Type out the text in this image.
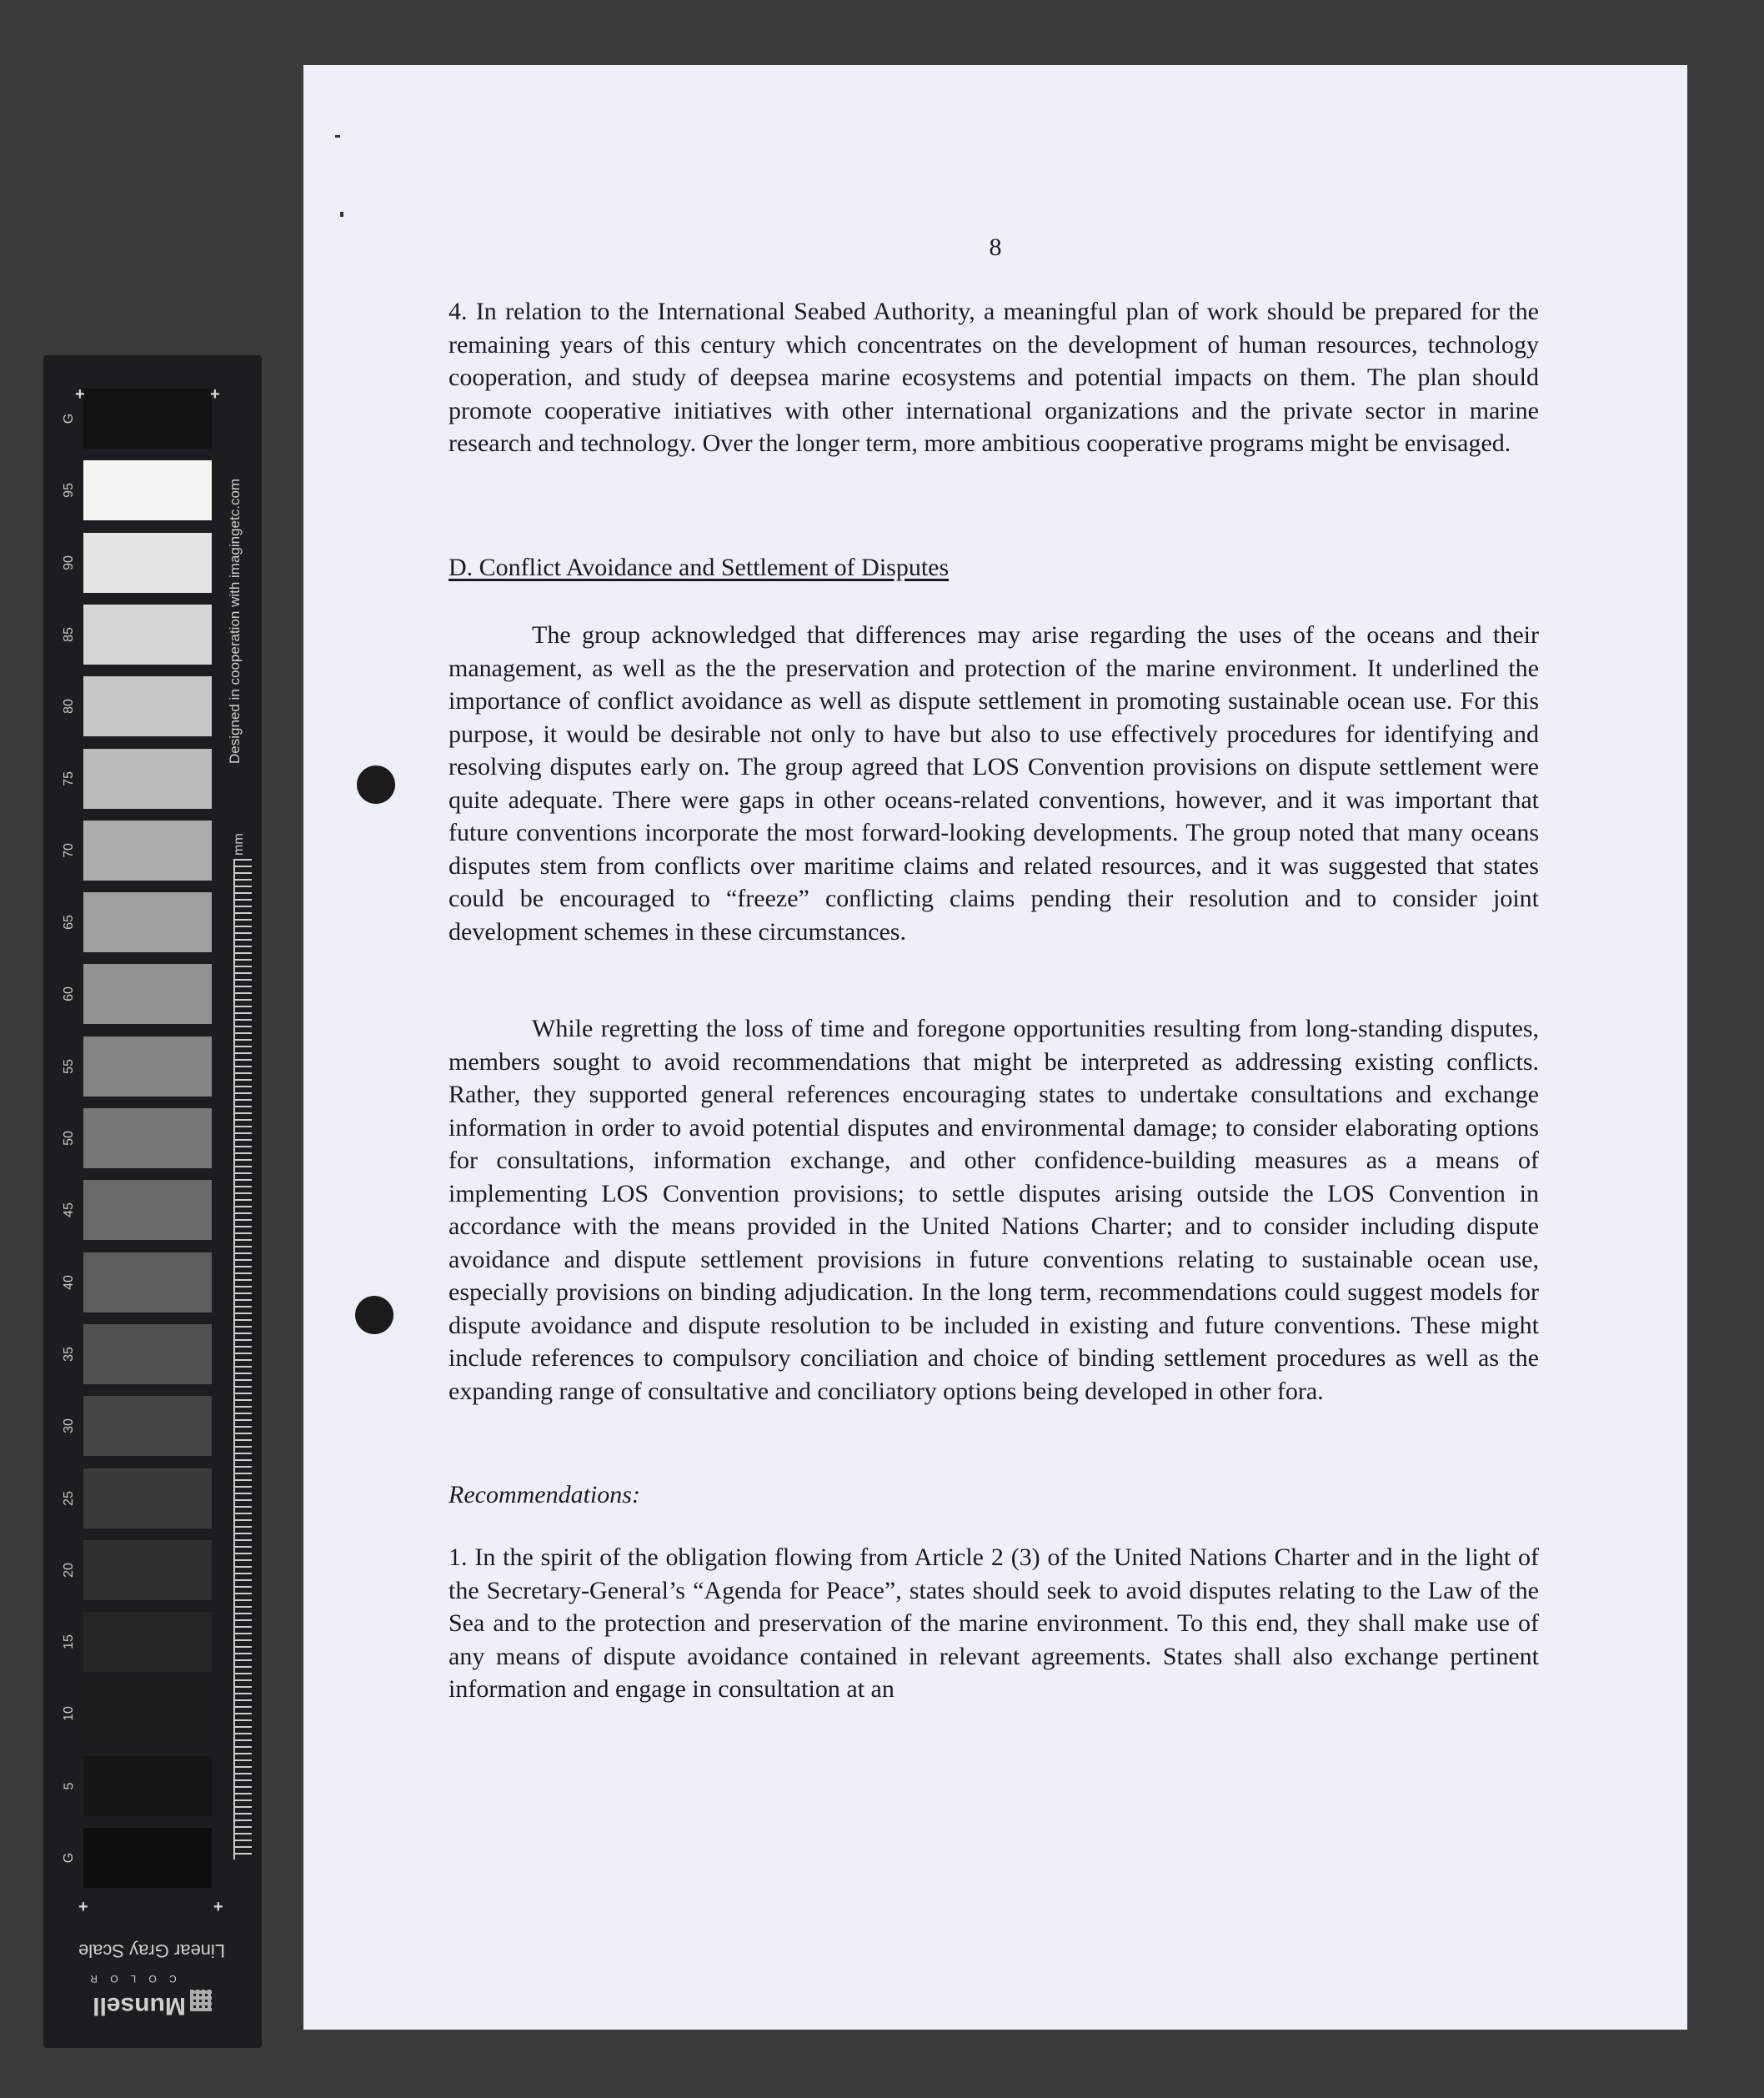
G
95
90
85
80
75
70
65
60
55
50
45
40
35
30
25
20
15
10
5
G
+	+
+	+
Designed in cooperation with imagingetc.com
mm
Linear Gray Scale
C O L O R
Munsell
8

4. In relation to the International Seabed Authority, a meaningful plan of work should be prepared for the remaining years of this century which concentrates on the development of human resources, technology cooperation, and study of deepsea marine ecosystems and potential impacts on them. The plan should promote cooperative initiatives with other international organizations and the private sector in marine research and technology. Over the longer term, more ambitious cooperative programs might be envisaged.

D. Conflict Avoidance and Settlement of Disputes

The group acknowledged that differences may arise regarding the uses of the oceans and their management, as well as the the preservation and protection of the marine environment. It underlined the importance of conflict avoidance as well as dispute settlement in promoting sustainable ocean use. For this purpose, it would be desirable not only to have but also to use effectively procedures for identifying and resolving disputes early on. The group agreed that LOS Convention provisions on dispute settlement were quite adequate. There were gaps in other oceans-related conventions, however, and it was important that future conventions incorporate the most forward-looking developments. The group noted that many oceans disputes stem from conflicts over maritime claims and related resources, and it was suggested that states could be encouraged to “freeze” conflicting claims pending their resolution and to consider joint development schemes in these circumstances.

While regretting the loss of time and foregone opportunities resulting from long-standing disputes, members sought to avoid recommendations that might be interpreted as addressing existing conflicts. Rather, they supported general references encouraging states to undertake consultations and exchange information in order to avoid potential disputes and environmental damage; to consider elaborating options for consultations, information exchange, and other confidence-building measures as a means of implementing LOS Convention provisions; to settle disputes arising outside the LOS Convention in accordance with the means provided in the United Nations Charter; and to consider including dispute avoidance and dispute settlement provisions in future conventions relating to sustainable ocean use, especially provisions on binding adjudication. In the long term, recommendations could suggest models for dispute avoidance and dispute resolution to be included in existing and future conventions. These might include references to compulsory conciliation and choice of binding settlement procedures as well as the expanding range of consultative and conciliatory options being developed in other fora.

Recommendations:

1. In the spirit of the obligation flowing from Article 2 (3) of the United Nations Charter and in the light of the Secretary-General’s “Agenda for Peace”, states should seek to avoid disputes relating to the Law of the Sea and to the protection and preservation of the marine environment. To this end, they shall make use of any means of dispute avoidance contained in relevant agreements. States shall also exchange pertinent information and engage in consultation at an
